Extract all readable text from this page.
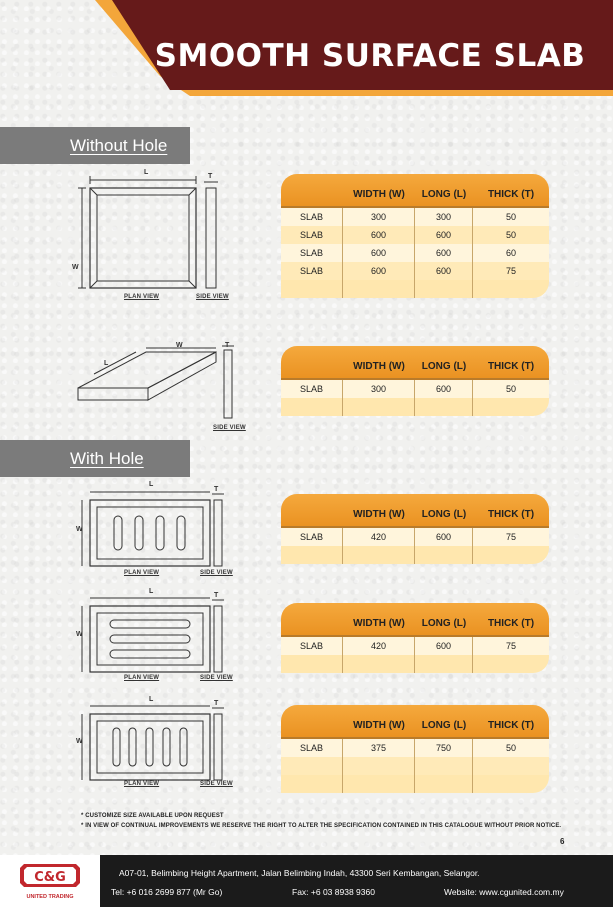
SMOOTH SURFACE SLAB
Without Hole
With Hole
L
W
T
PLAN VIEW	SIDE VIEW
L
W	T
SIDE VIEW
L
W
T
PLAN VIEW	SIDE VIEW
L
W
T
PLAN VIEW	SIDE VIEW
L
W
T
PLAN VIEW	SIDE VIEW
WIDTH (W)	LONG (L)	THICK (T)
SLAB	300	300	50
SLAB	600	600	50
SLAB	600	600	60
SLAB	600	600	75
WIDTH (W)	LONG (L)	THICK (T)
SLAB	300	600	50
WIDTH (W)	LONG (L)	THICK (T)
SLAB	420	600	75
WIDTH (W)	LONG (L)	THICK (T)
SLAB	420	600	75
WIDTH (W)	LONG (L)	THICK (T)
SLAB	375	750	50
* CUSTOMIZE SIZE AVAILABLE UPON REQUEST
* IN VIEW OF CONTINUAL IMPROVEMENTS WE RESERVE THE RIGHT TO ALTER THE SPECIFICATION CONTAINED IN THIS CATALOGUE WITHOUT PRIOR NOTICE.
6
C&G
UNITED TRADING
A07-01, Belimbing Height Apartment, Jalan Belimbing Indah, 43300 Seri Kembangan, Selangor.
Tel: +6 016 2699 877 (Mr Go)	Fax: +6 03 8938 9360	Website: www.cgunited.com.my
